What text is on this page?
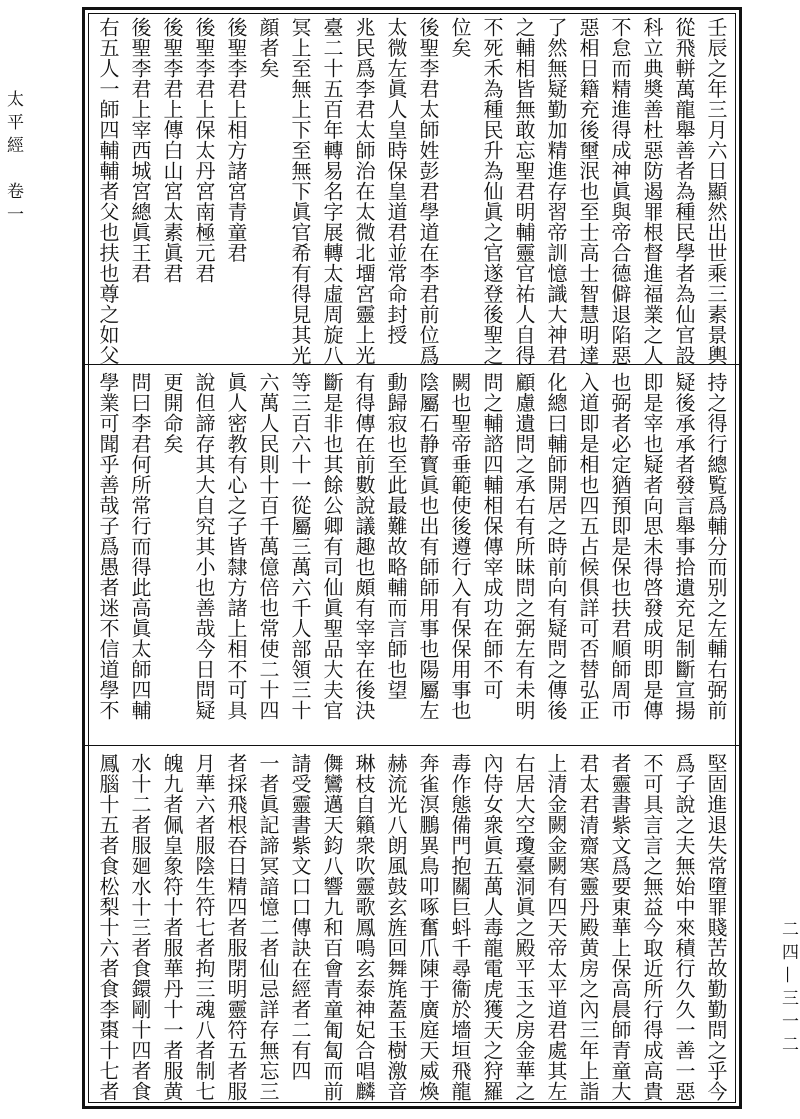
太平經　卷一
二四—三一二
壬辰之年三月六日顯然出世乘三素景輿
從飛軿萬龍舉善者為種民學者為仙官設
科立典奬善杜惡防遏罪根督進福業之人
不怠而精進得成神眞與帝合德僻退陷惡
惡相日籍充後壐泯也至士高士智慧明達
了然無疑勤加精進存習帝訓憶識大神君
之輔相皆無敢忘聖君明輔靈官祐人自得
不死禾為種民升為仙眞之官遂登後聖之
位矣
後聖李君太師姓彭君學道在李君前位爲
太微左眞人皇時保皇道君並常命封授
兆民爲李君太師治在太微北㙧宮靈上光
臺二十五百年轉易名字展轉太虛周旋八
冥上至無上下至無下眞官希有得見其光
顔者矣
後聖李君上相方諸宮青童君
後聖李君上保太丹宮南極元君
後聖李君上傳白山宮太素眞君
後聖李君上宰西城宮總眞王君
右五人一師四輔輔者父也扶也尊之如父
持之得行總覧爲輔分而别之左輔右弼前
疑後承承者發言舉事拾遺充足制斷宣揚
即是宰也疑者向思未得啓發成明即是傳
也弼者必定猶預即是保也扶君順師周帀
入道即是相也四五占候俱詳可否替弘正
化總曰輔師開居之時前向有疑問之傳後
顧慮遺問之承右有所昧問之弼左有未明
問之輔諮四輔相保傳宰成功在師不可
闕也聖帝垂範使後遵行入有保保用事也
陰屬石静寳眞也出有師師用事也陽屬左
動歸寂也至此最難故略輔而言師也望
有得傳在前數說議趣也頗有宰宰在後決
斷是非也其餘公卿有司仙眞聖品大夫官
等三百六十一從屬三萬六千人部領三十
六萬人民則十百千萬億倍也常使二十四
眞人密教有心之子皆隸方諸上相不可具
說但諦存其大自究其小也善哉今日問疑
更開命矣
問曰李君何所常行而得此高眞太師四輔
學業可聞乎善哉子爲愚者迷不信道學不
堅固進退失常墮罪賤苦故勤勤問之乎今
爲子說之夫無始中來積行久久一善一惡
不可具言言之無益今取近所行得成高貴
者靈書紫文爲要東華上保高晨師青童大
君太君清齋寒靈丹殿黄房之內三年上詣
上清金闕金闕有四天帝太平道君處其左
右居大空瓊臺洞眞之殿平玉之房金華之
內侍女衆眞五萬人毒龍電虎獲天之狩羅
毒作態備門抱關巨蚪千尋衞於墻垣飛龍
奔雀溟鵬異鳥叩啄奮爪陳于廣庭天威煥
赫流光八朗風鼓玄旌回舞旄蓋玉樹激音
琳枝自籟衆吹靈歌鳳鳴玄泰神妃合唱麟
儛鸞邁天鈞八響九和百會青童匍匐而前
請受靈書紫文口口傳訣在經者二有四
一者眞記諦冥諳憶二者仙忌詳存無忘三
者採飛根吞日精四者服閉明靈符五者服
月華六者服陰生符七者拘三魂八者制七
魄九者佩皇象符十者服華丹十一者服黄
水十二者服廻水十三者食鐶剛十四者食
鳳腦十五者食松梨十六者食李棗十七者
